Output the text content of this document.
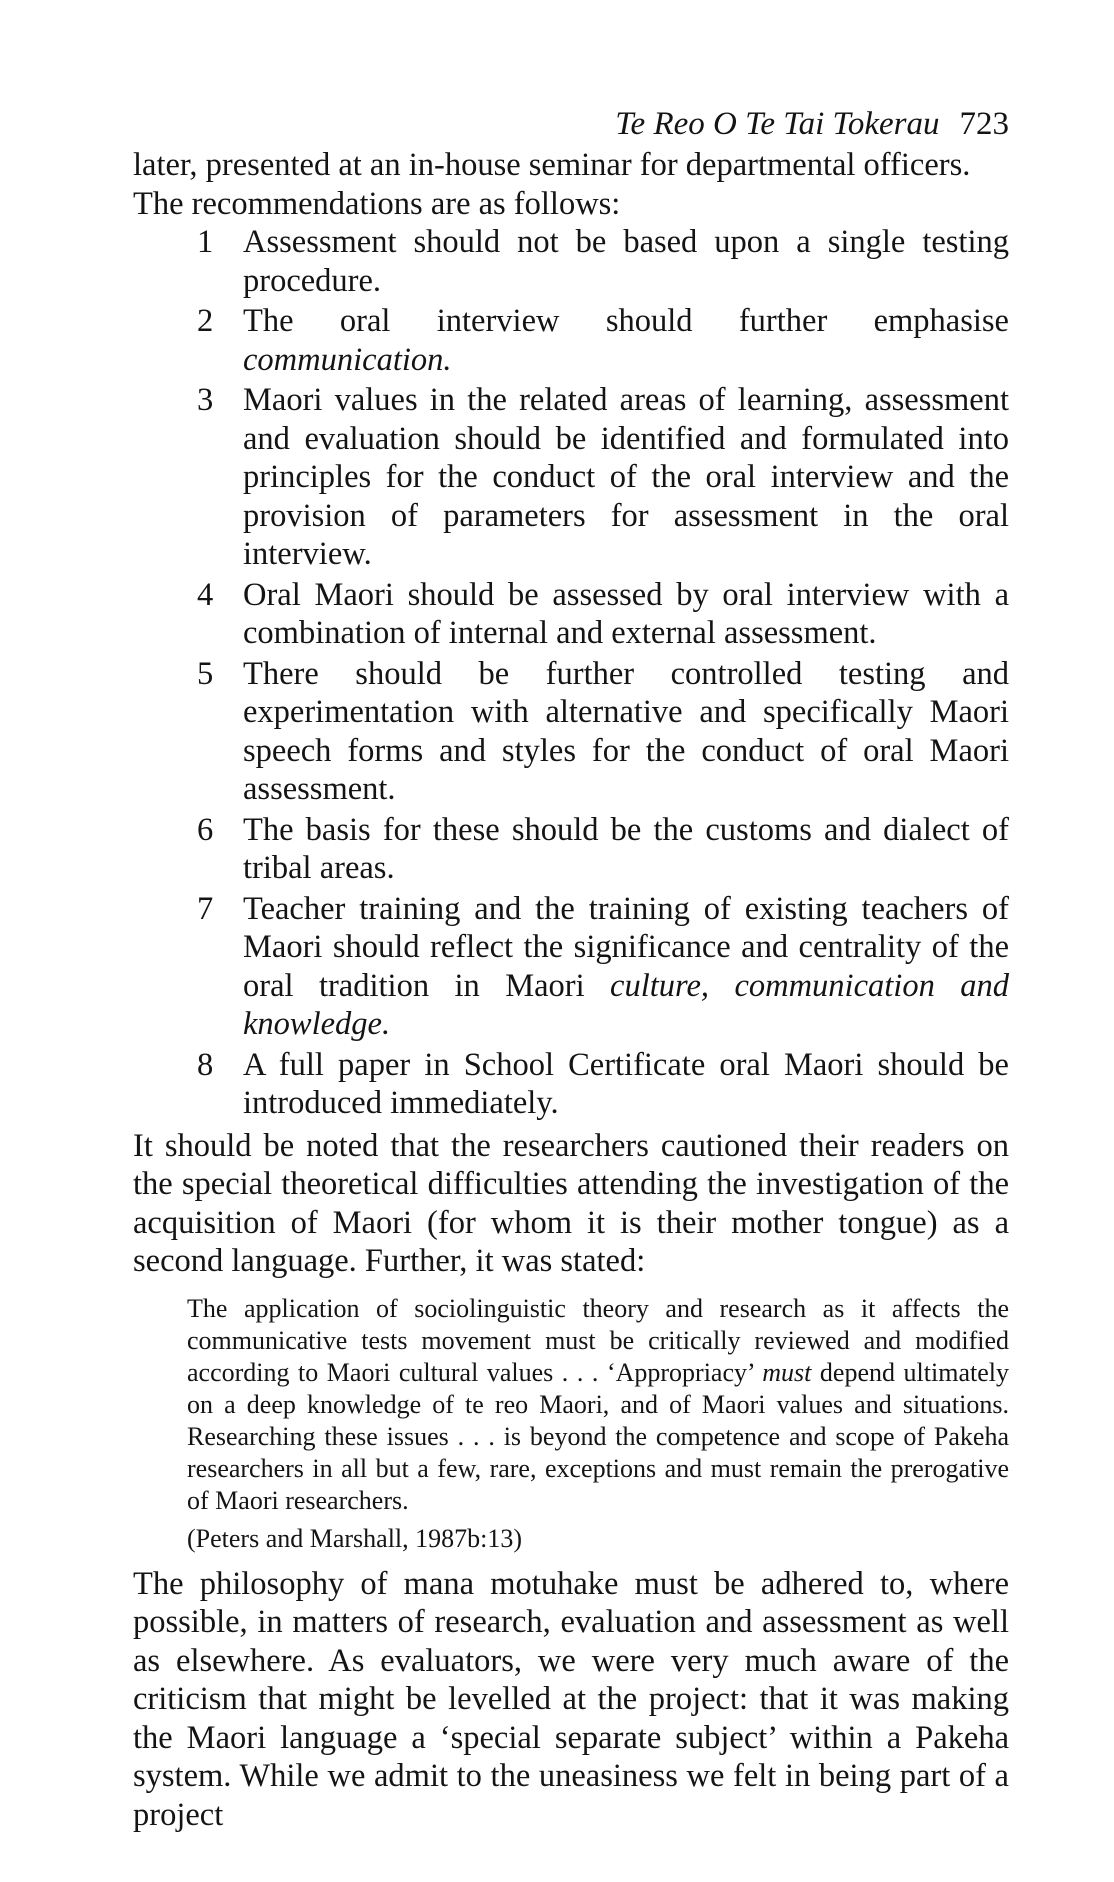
Te Reo O Te Tai Tokerau 723

later, presented at an in-house seminar for departmental officers.
The recommendations are as follows:

1 Assessment should not be based upon a single testing procedure.
2 The oral interview should further emphasise communication.
3 Maori values in the related areas of learning, assessment and evaluation should be identified and formulated into principles for the conduct of the oral interview and the provision of parameters for assessment in the oral interview.
4 Oral Maori should be assessed by oral interview with a combination of internal and external assessment.
5 There should be further controlled testing and experimentation with alternative and specifically Maori speech forms and styles for the conduct of oral Maori assessment.
6 The basis for these should be the customs and dialect of tribal areas.
7 Teacher training and the training of existing teachers of Maori should reflect the significance and centrality of the oral tradition in Maori culture, communication and knowledge.
8 A full paper in School Certificate oral Maori should be introduced immediately.

It should be noted that the researchers cautioned their readers on the special theoretical difficulties attending the investigation of the acquisition of Maori (for whom it is their mother tongue) as a second language. Further, it was stated:

The application of sociolinguistic theory and research as it affects the communicative tests movement must be critically reviewed and modified according to Maori cultural values . . . ‘Appropriacy’ must depend ultimately on a deep knowledge of te reo Maori, and of Maori values and situations. Researching these issues . . . is beyond the competence and scope of Pakeha researchers in all but a few, rare, exceptions and must remain the prerogative of Maori researchers.
(Peters and Marshall, 1987b:13)

The philosophy of mana motuhake must be adhered to, where possible, in matters of research, evaluation and assessment as well as elsewhere. As evaluators, we were very much aware of the criticism that might be levelled at the project: that it was making the Maori language a ‘special separate subject’ within a Pakeha system. While we admit to the uneasiness we felt in being part of a project
